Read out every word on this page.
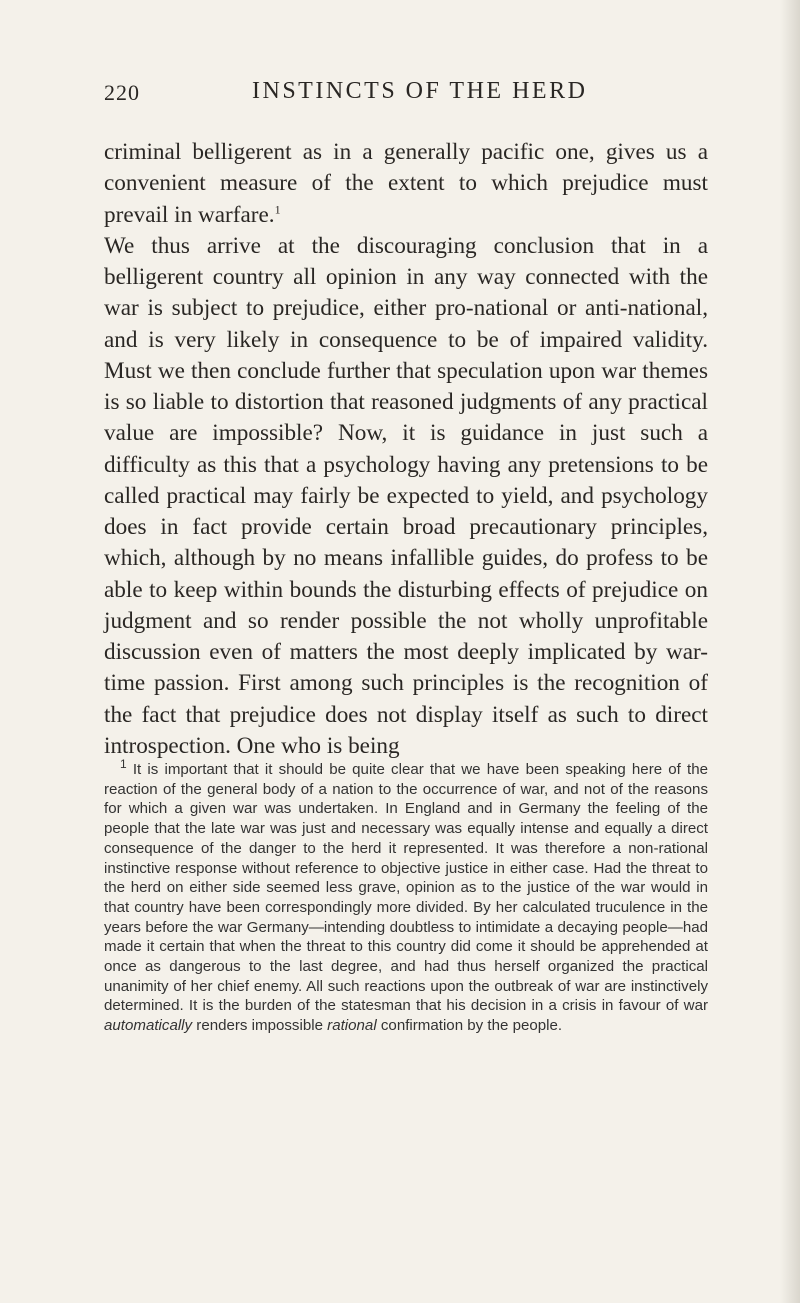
220	INSTINCTS OF THE HERD

criminal belligerent as in a generally pacific one, gives us a convenient measure of the extent to which prejudice must prevail in warfare.$^1$

We thus arrive at the discouraging conclusion that in a belligerent country all opinion in any way connected with the war is subject to prejudice, either pro-national or anti-national, and is very likely in consequence to be of impaired validity. Must we then conclude further that speculation upon war themes is so liable to distortion that reasoned judgments of any practical value are impossible? Now, it is guidance in just such a difficulty as this that a psychology having any pretensions to be called practical may fairly be expected to yield, and psychology does in fact provide certain broad precautionary principles, which, although by no means infallible guides, do profess to be able to keep within bounds the disturbing effects of prejudice on judgment and so render possible the not wholly unprofitable discussion even of matters the most deeply implicated by war-time passion. First among such principles is the recognition of the fact that prejudice does not display itself as such to direct introspection. One who is being

$^1$ It is important that it should be quite clear that we have been speaking here of the reaction of the general body of a nation to the occurrence of war, and not of the reasons for which a given war was undertaken. In England and in Germany the feeling of the people that the late war was just and necessary was equally intense and equally a direct consequence of the danger to the herd it represented. It was therefore a non-rational instinctive response without reference to objective justice in either case. Had the threat to the herd on either side seemed less grave, opinion as to the justice of the war would in that country have been correspondingly more divided. By her calculated truculence in the years before the war Germany—intending doubtless to intimidate a decaying people—had made it certain that when the threat to this country did come it should be apprehended at once as dangerous to the last degree, and had thus herself organized the practical unanimity of her chief enemy. All such reactions upon the outbreak of war are instinctively determined. It is the burden of the statesman that his decision in a crisis in favour of war automatically renders impossible rational confirmation by the people.
